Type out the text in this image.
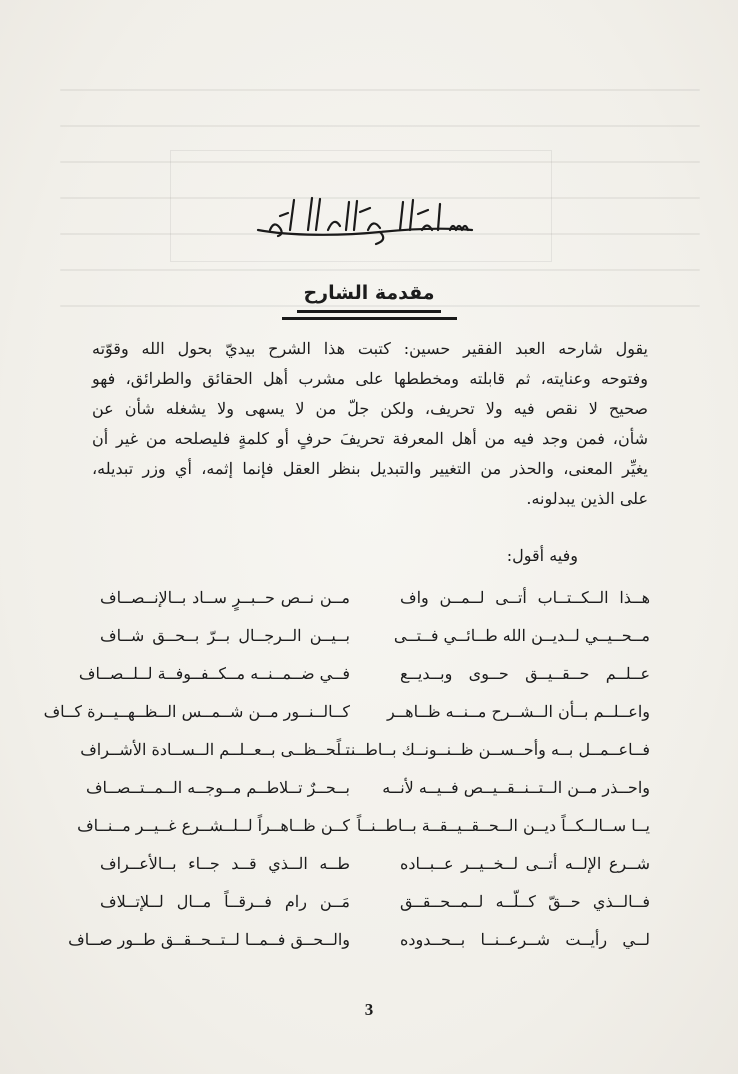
مقدمة الشارح
يقول شارحه العبد الفقير حسين: كتبت هذا الشرح بيديّ بحول الله وقوّته
وفتوحه وعنايته، ثم قابلته ومخططها على مشرب أهل الحقائق والطرائق، فهو
صحيح لا نقص فيه ولا تحريف، ولكن جلّ من لا يسهى ولا يشغله شأن عن
شأن، فمن وجد فيه من أهل المعرفة تحريفَ حرفٍ أو كلمةٍ فليصلحه من غير أن
يغيِّر المعنى، والحذر من التغيير والتبديل بنظر العقل فإنما إثمه، أي وزر تبديله،
على الذين يبدلونه.
وفيه أقول:
هــذا الــكــتــاب أتــى لــمــن واف
مــن نــص حــبــرٍ ســاد بــالإنــصــاف
مــحــيــي لــديــن الله طــائــي فــتــى
بــيــن الــرجــال بــرّ بــحــق شــاف
عــلــم حــقــيــق حــوى وبــديــع
فــي ضــمــنــه مــكــفــوفــة لــلــصــاف
واعــلــم بــأن الــشــرح مــنــه ظــاهــر
كــالــنــور مــن شــمــس الــظــهــيــرة كــاف
فــاعــمــل بــه وأحــســن ظــنــونــك بــاطــنــاً
تــحــظــى بــعــلــم الــســادة الأشــراف
واحــذر مــن الــتــنــقــيــص فــيــه لأنــه
بــحــرٌ تــلاطــم مــوجــه الــمــتــصــاف
يــا ســالــكــاً ديــن الــحــقــيــقــة بــاطــنــاً
كــن ظــاهــراً لــلــشــرع غــيــر مــنــاف
شــرع الإلــه أتــى لــخــيــر عــبــاده
طــه الــذي قــد جــاء بــالأعــراف
فــالــذي حــقّ كــلّــه لــمــحــقــق
مَــن رام فــرقــاً مــال لــلإتــلاف
لــي رأيــت شــرعــنــا بــحــدوده
والــحــق فــمــا لــتــحــقــق طــور صــاف
3
